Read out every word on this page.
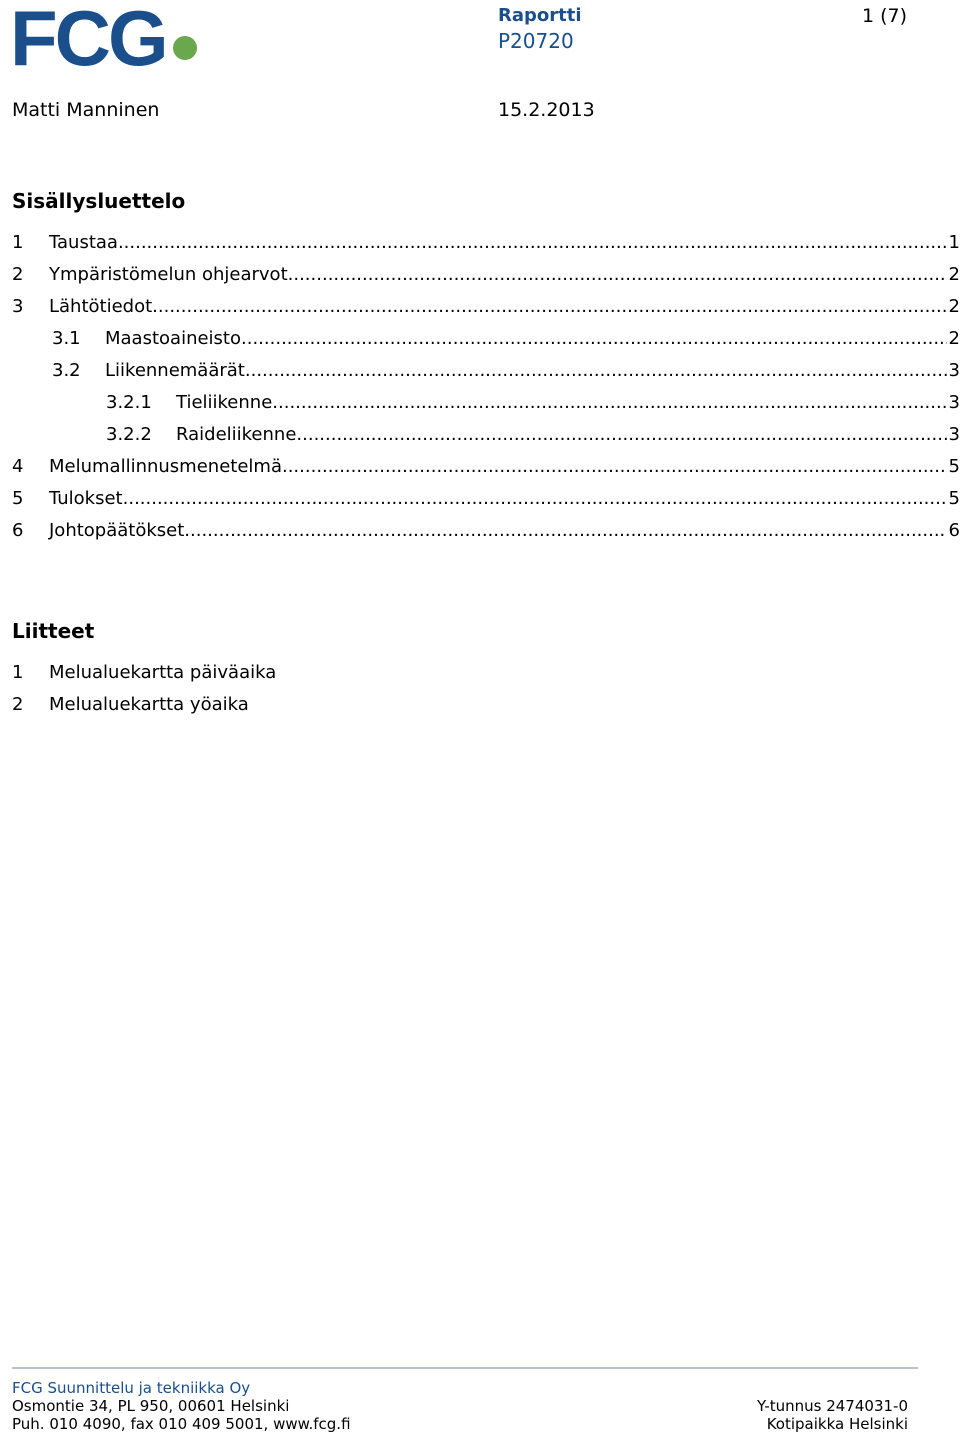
FCG	Raportti
P20720
1 (7)
Matti Manninen	15.2.2013
Sisällysluettelo
1	Taustaa .....	1
2	Ympäristömelun ohjearvot .....	2
3	Lähtötiedot .....	2
3.1	Maastoaineisto .....	2
3.2	Liikennemäärät .....	3
3.2.1	Tieliikenne .....	3
3.2.2	Raideliikenne .....	3
4	Melumallinnusmenetelmä .....	5
5	Tulokset .....	5
6	Johtopäätökset .....	6
Liitteet
1 Melualuekartta päiväaika
2 Melualuekartta yöaika
FCG Suunnittelu ja tekniikka Oy
Osmontie 34, PL 950, 00601 Helsinki
Puh. 010 4090, fax 010 409 5001, www.fcg.fi
Y-tunnus 2474031-0
Kotipaikka Helsinki
